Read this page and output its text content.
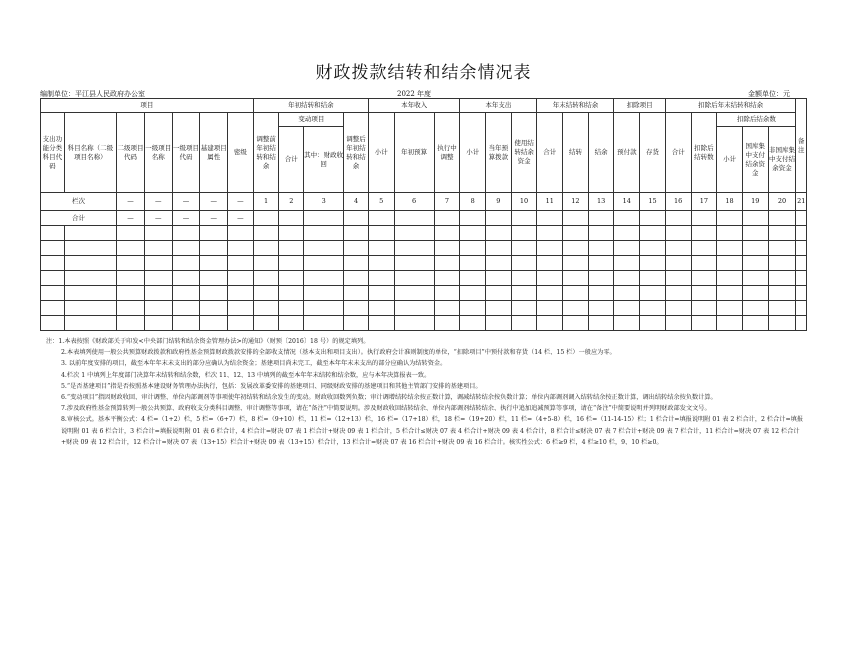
财政拨款结转和结余情况表
编制单位：平江县人民政府办公室	2022 年度	金额单位：元
项目							年初结转和结余				本年收入			本年支出			年末结转和结余			扣除项目		扣除后年末结转和结余					备注
支出功能分类科目代码	科目名称（二级项目名称）	二级项目代码	一级项目名称	一级项目代码	基建项目属性	密级	调整前年初结转和结余	变动项目		调整后年初结转和结余	小计	年初预算	执行中调整	小计	当年预算拨款	使用结转结余资金	合计	结转	结余	预付款	存货	合计	扣除后结转数	扣除后结余数			
								合计	其中：财政收回															小计	国库集中支付结余资金	非国库集中支付结余资金	
栏次		—	—	—	—	—	1	2	3	4	5	6	7	8	9	10	11	12	13	14	15	16	17	18	19	20	21
合计		—	—	—	—	—																					

注：1.本表按照《财政部关于印发<中央部门结转和结余资金管理办法>的通知》（财预〔2016〕18 号）的规定填列。

2.本表填列使用一般公共预算财政拨款和政府性基金预算财政拨款安排的全部收支情况（基本支出和项目支出）。执行政府会计准则制度的单位，“扣除项目”中预付款和存货（14 栏、15 栏）一般应为零。

3. 以前年度安排的项目，截至本年年末未支出的部分应确认为结余资金；基建项目尚未完工，截至本年年末未支出的部分应确认为结转资金。

4.栏次 1 中填列上年度部门决算年末结转和结余数，栏次 11、12、13 中填列的截至本年年末结转和结余数，应与本年决算报表一致。

5.“是否基建项目”指是否按照基本建设财务管理办法执行，包括：发展改革委安排的基建项目、同级财政安排的基建项目和其他主管部门安排的基建项目。

6.“变动项目”指因财政收回、审计调整、单位内部调剂等事项使年初结转和结余发生的变动。财政收回数列负数；审计调增结转结余按正数计算，调减结转结余按负数计算；单位内部调剂调入结转结余按正数计算，调出结转结余按负数计算。

7.涉及政府性基金预算转列一般公共预算、政府收支分类科目调整、审计调整等事项，请在“备注”中简要说明。涉及财政收回结转结余、单位内部调剂结转结余、执行中追加追减预算等事项，请在“备注”中简要说明并列明财政部发文文号。

8.审核公式。基本平衡公式：4 栏=（1+2）栏，5 栏=（6+7）栏，8 栏=（9+10）栏，11 栏=（12+13）栏，16 栏=（17+18）栏，18 栏=（19+20）栏，11 栏=（4+5-8）栏，16 栏=（11-14-15）栏；1 栏合计=填报说明附 01 表 2 栏合计，2 栏合计=填报说明附 01 表 6 栏合计，3 栏合计=填报说明附 01 表 6 栏合计，4 栏合计=财决 07 表 1 栏合计+财决 09 表 1 栏合计，5 栏合计≤财决 07 表 4 栏合计+财决 09 表 4 栏合计，8 栏合计≤财决 07 表 7 栏合计+财决 09 表 7 栏合计，11 栏合计=财决 07 表 12 栏合计+财决 09 表 12 栏合计，12 栏合计=财决 07 表（13+15）栏合计+财决 09 表（13+15）栏合计，13 栏合计=财决 07 表 16 栏合计+财决 09 表 16 栏合计。核实性公式：6 栏≥9 栏，4 栏≥10 栏，9、10 栏≥0。
